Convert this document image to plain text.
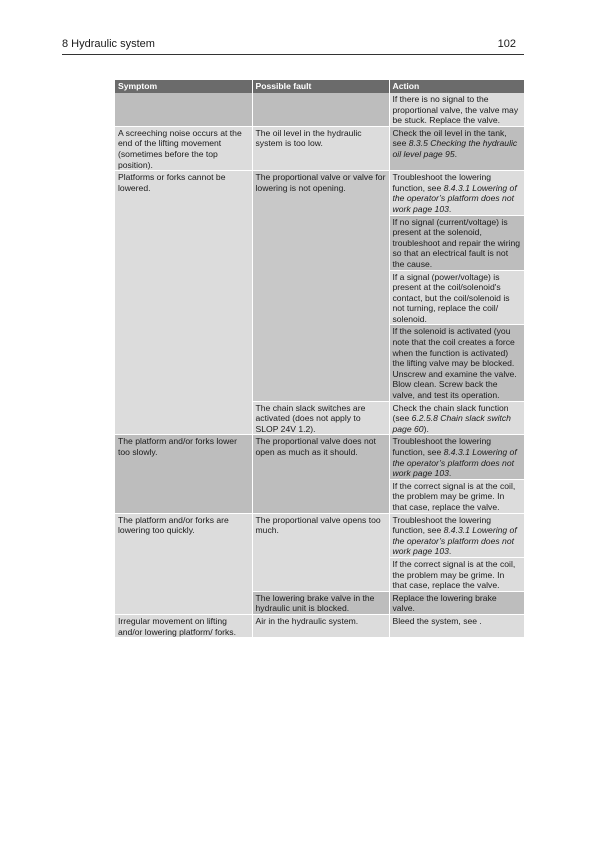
8 Hydraulic system	102
Symptom	Possible fault	Action
		If there is no signal to the proportional valve, the valve may be stuck. Replace the valve.
A screeching noise occurs at the end of the lifting movement (sometimes before the top position).	The oil level in the hydraulic system is too low.	Check the oil level in the tank, see 8.3.5 Checking the hydraulic oil level page 95.
Platforms or forks cannot be lowered.	The proportional valve or valve for lowering is not opening.	Troubleshoot the lowering function, see 8.4.3.1 Lowering of the operator’s platform does not work page 103.
		If no signal (current/voltage) is present at the solenoid, troubleshoot and repair the wiring so that an electrical fault is not the cause.
		If a signal (power/voltage) is present at the coil/solenoid's contact, but the coil/solenoid is not turning, replace the coil/ solenoid.
		If the solenoid is activated (you note that the coil creates a force when the function is activated) the lifting valve may be blocked. Unscrew and examine the valve. Blow clean. Screw back the valve, and test its operation.
	The chain slack switches are activated (does not apply to SLOP 24V 1.2).	Check the chain slack function (see 6.2.5.8 Chain slack switch page 60).
The platform and/or forks lower too slowly.	The proportional valve does not open as much as it should.	Troubleshoot the lowering function, see 8.4.3.1 Lowering of the operator’s platform does not work page 103.
		If the correct signal is at the coil, the problem may be grime. In that case, replace the valve.
The platform and/or forks are lowering too quickly.	The proportional valve opens too much.	Troubleshoot the lowering function, see 8.4.3.1 Lowering of the operator’s platform does not work page 103.
		If the correct signal is at the coil, the problem may be grime. In that case, replace the valve.
	The lowering brake valve in the hydraulic unit is blocked.	Replace the lowering brake valve.
Irregular movement on lifting and/or lowering platform/ forks.	Air in the hydraulic system.	Bleed the system, see .
